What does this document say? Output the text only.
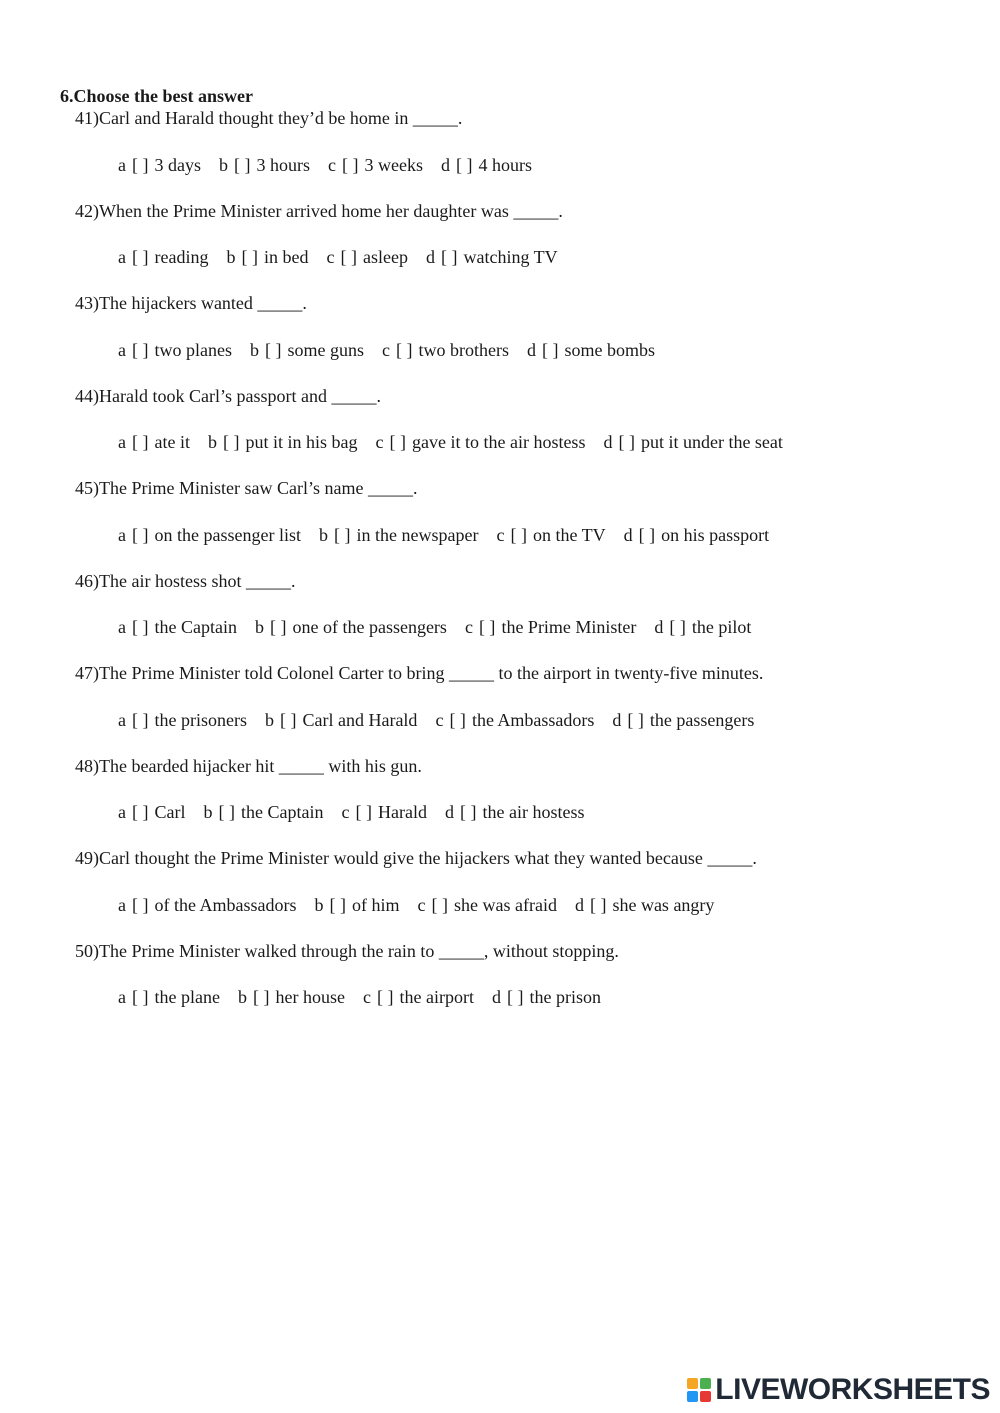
6.Choose the best answer
41)Carl and Harald thought they’d be home in _____.
a [ ] 3 days b [ ] 3 hours c [ ] 3 weeks d [ ] 4 hours
42)When the Prime Minister arrived home her daughter was _____.
a [ ] reading b [ ] in bed c [ ] asleep d [ ] watching TV
43)The hijackers wanted _____.
a [ ] two planes b [ ] some guns c [ ] two brothers d [ ] some bombs
44)Harald took Carl’s passport and _____.
a [ ] ate it b [ ] put it in his bag c [ ] gave it to the air hostess d [ ] put it under the seat
45)The Prime Minister saw Carl’s name _____.
a [ ] on the passenger list b [ ] in the newspaper c [ ] on the TV d [ ] on his passport
46)The air hostess shot _____.
a [ ] the Captain b [ ] one of the passengers c [ ] the Prime Minister d [ ] the pilot
47)The Prime Minister told Colonel Carter to bring _____ to the airport in twenty-five minutes.
a [ ] the prisoners b [ ] Carl and Harald c [ ] the Ambassadors d [ ] the passengers
48)The bearded hijacker hit _____ with his gun.
a [ ] Carl b [ ] the Captain c [ ] Harald d [ ] the air hostess
49)Carl thought the Prime Minister would give the hijackers what they wanted because _____.
a [ ] of the Ambassadors b [ ] of him c [ ] she was afraid d [ ] she was angry
50)The Prime Minister walked through the rain to _____, without stopping.
a [ ] the plane b [ ] her house c [ ] the airport d [ ] the prison
LIVEWORKSHEETS
